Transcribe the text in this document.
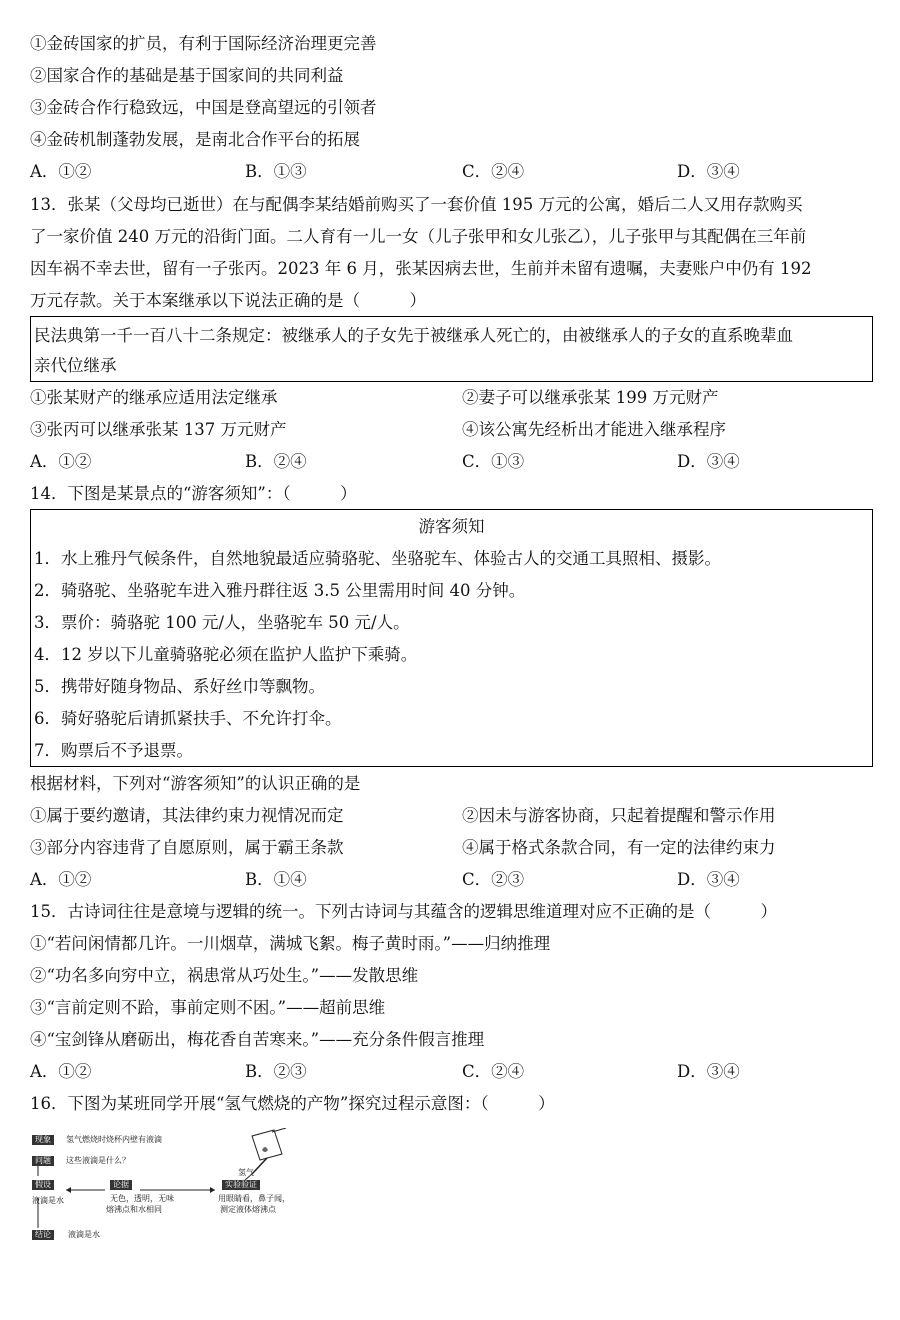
①金砖国家的扩员，有利于国际经济治理更完善
②国家合作的基础是基于国家间的共同利益
③金砖合作行稳致远，中国是登高望远的引领者
④金砖机制蓬勃发展，是南北合作平台的拓展
A．①②	B．①③	C．②④	D．③④
13．张某（父母均已逝世）在与配偶李某结婚前购买了一套价值 195 万元的公寓，婚后二人又用存款购买
了一家价值 240 万元的沿街门面。二人育有一儿一女（儿子张甲和女儿张乙），儿子张甲与其配偶在三年前
因车祸不幸去世，留有一子张丙。2023 年 6 月，张某因病去世，生前并未留有遗嘱，夫妻账户中仍有 192
万元存款。关于本案继承以下说法正确的是（　　　）
民法典第一千一百八十二条规定：被继承人的子女先于被继承人死亡的，由被继承人的子女的直系晚辈血
亲代位继承
①张某财产的继承应适用法定继承	②妻子可以继承张某 199 万元财产
③张丙可以继承张某 137 万元财产	④该公寓先经析出才能进入继承程序
A．①②	B．②④	C．①③	D．③④
14．下图是某景点的“游客须知”：（　　　）
游客须知
1．水上雅丹气候条件，自然地貌最适应骑骆驼、坐骆驼车、体验古人的交通工具照相、摄影。
2．骑骆驼、坐骆驼车进入雅丹群往返 3.5 公里需用时间 40 分钟。
3．票价：骑骆驼 100 元/人，坐骆驼车 50 元/人。
4．12 岁以下儿童骑骆驼必须在监护人监护下乘骑。
5．携带好随身物品、系好丝巾等飘物。
6．骑好骆驼后请抓紧扶手、不允许打伞。
7．购票后不予退票。
根据材料，下列对“游客须知”的认识正确的是
①属于要约邀请，其法律约束力视情况而定	②因未与游客协商，只起着提醒和警示作用
③部分内容违背了自愿原则，属于霸王条款	④属于格式条款合同，有一定的法律约束力
A．①②	B．①④	C．②③	D．③④
15．古诗词往往是意境与逻辑的统一。下列古诗词与其蕴含的逻辑思维道理对应不正确的是（　　　）
①“若问闲情都几许。一川烟草，满城飞絮。梅子黄时雨。”——归纳推理
②“功名多向穷中立，祸患常从巧处生。”——发散思维
③“言前定则不跲，事前定则不困。”——超前思维
④“宝剑锋从磨砺出，梅花香自苦寒来。”——充分条件假言推理
A．①②	B．②③	C．②④	D．③④
16．下图为某班同学开展“氢气燃烧的产物”探究过程示意图：（　　　）
现象	氢气燃烧时烧杯内壁有液滴
问题	这些液滴是什么？
假设
液滴是水
论据
无色，透明，无味
熔沸点和水相同
实验验证
用眼睛看，鼻子闻，
测定液体熔沸点
氢气
结论	液滴是水
